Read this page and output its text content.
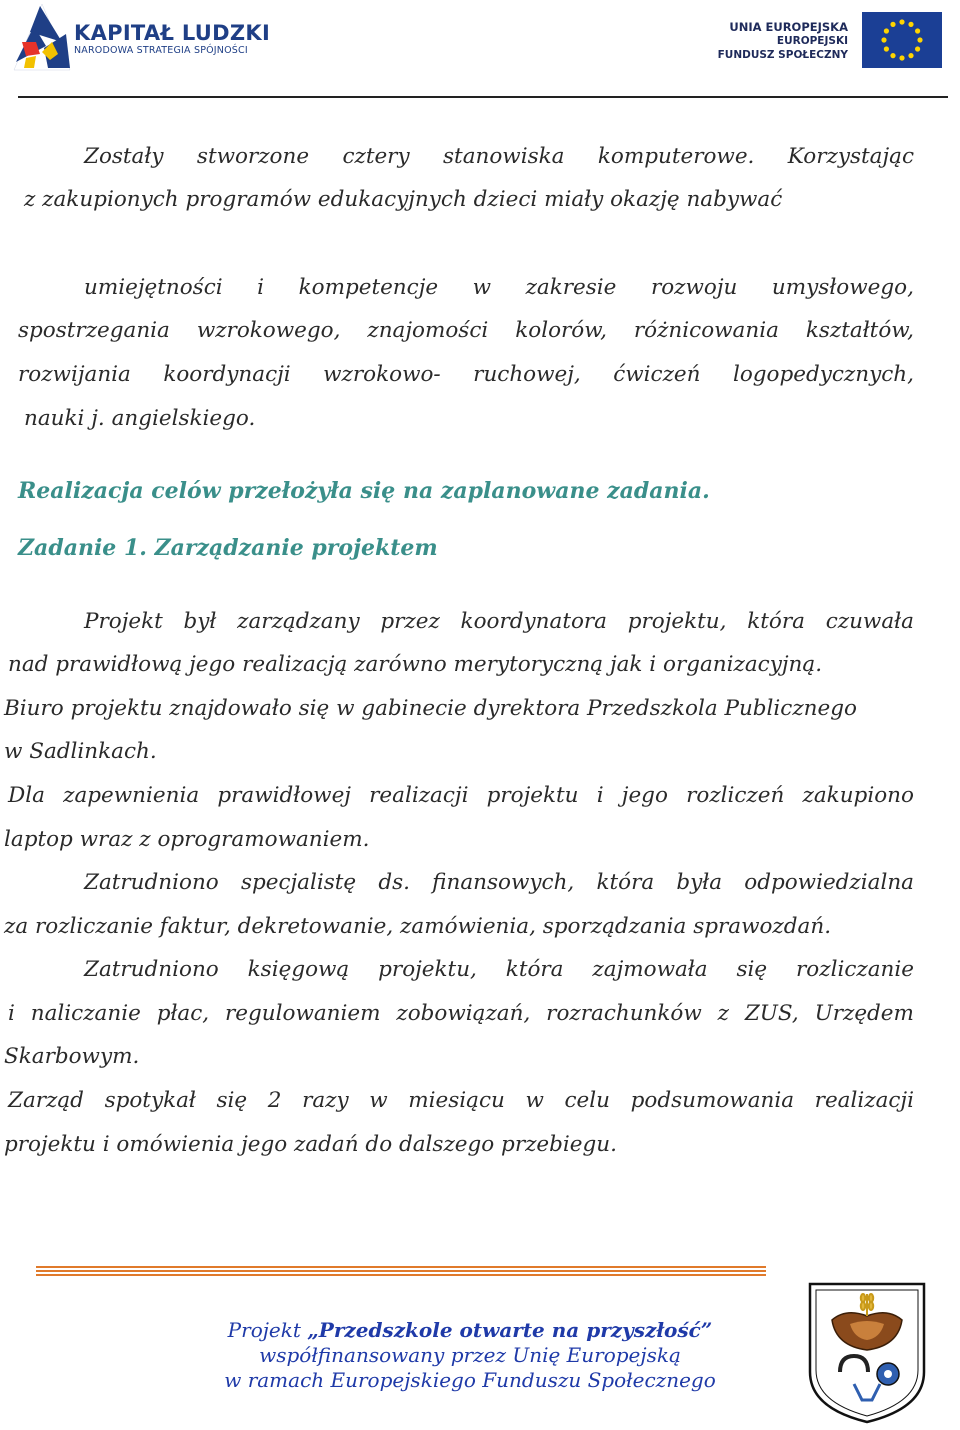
KAPITAŁ LUDZKI
NARODOWA STRATEGIA SPÓJNOŚCI
UNIA EUROPEJSKA
EUROPEJSKI
FUNDUSZ SPOŁECZNY
Zostały stworzone cztery stanowiska komputerowe. Korzystając
z zakupionych programów edukacyjnych dzieci miały okazję nabywać
umiejętności i kompetencje w zakresie rozwoju umysłowego,
spostrzegania wzrokowego, znajomości kolorów, różnicowania kształtów,
rozwijania koordynacji wzrokowo- ruchowej, ćwiczeń logopedycznych,
nauki j. angielskiego.
Realizacja celów przełożyła się na zaplanowane zadania.
Zadanie 1. Zarządzanie projektem
Projekt był zarządzany przez koordynatora projektu, która czuwała
nad prawidłową jego realizacją zarówno merytoryczną jak i organizacyjną.
Biuro projektu znajdowało się w gabinecie dyrektora Przedszkola Publicznego
w Sadlinkach.
Dla zapewnienia prawidłowej realizacji projektu i jego rozliczeń zakupiono
laptop wraz z oprogramowaniem.
Zatrudniono specjalistę ds. finansowych, która była odpowiedzialna
za rozliczanie faktur, dekretowanie, zamówienia, sporządzania sprawozdań.
Zatrudniono księgową projektu, która zajmowała się rozliczanie
i naliczanie płac, regulowaniem zobowiązań, rozrachunków z ZUS, Urzędem
Skarbowym.
Zarząd spotykał się 2 razy w miesiącu w celu podsumowania realizacji
projektu i omówienia jego zadań do dalszego przebiegu.
Projekt „Przedszkole otwarte na przyszłość”
współfinansowany przez Unię Europejską
w ramach Europejskiego Funduszu Społecznego
